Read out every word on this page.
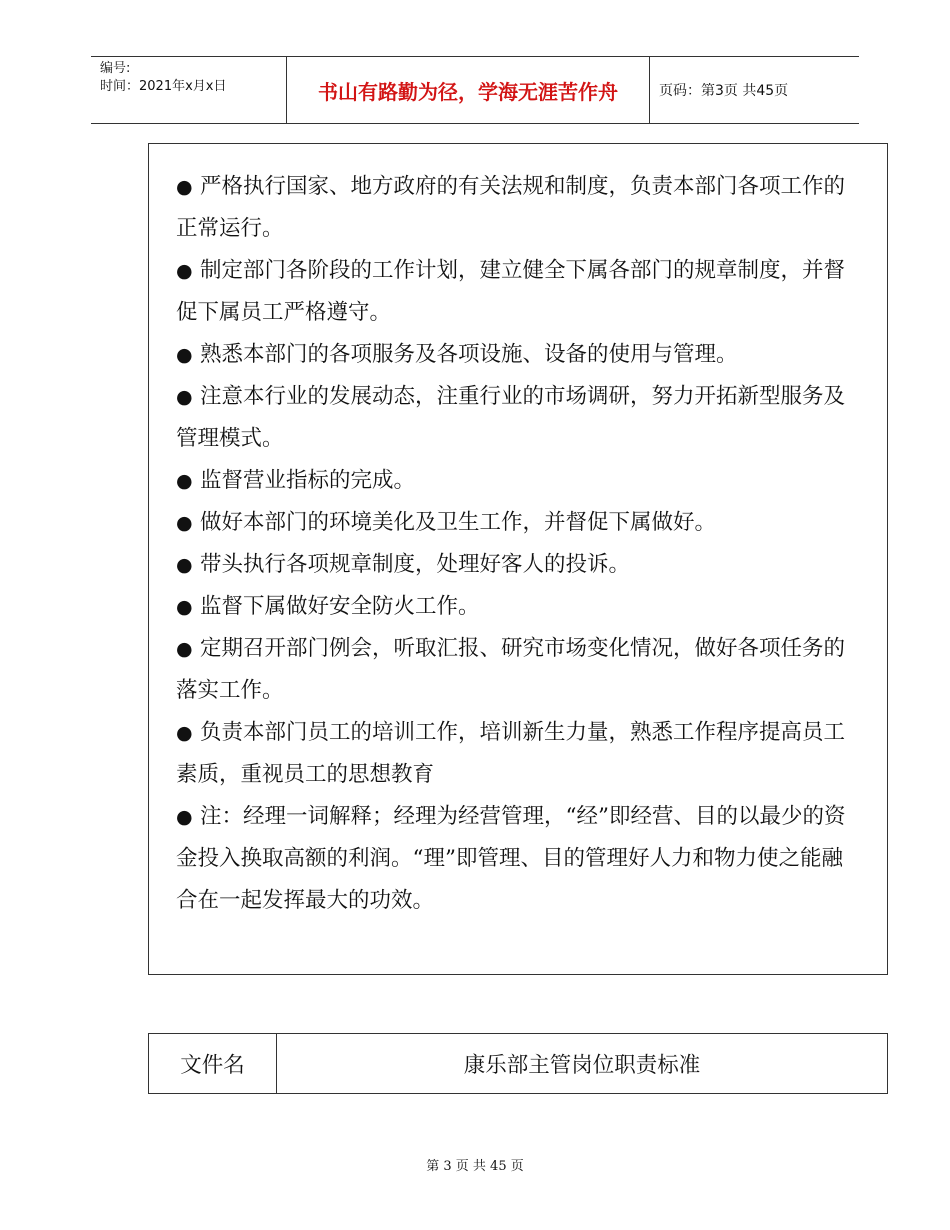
编号:
时间：2021年x月x日	书山有路勤为径，学海无涯苦作舟	页码：第3页 共45页
● 严格执行国家、地方政府的有关法规和制度，负责本部门各项工作的正常运行。
● 制定部门各阶段的工作计划，建立健全下属各部门的规章制度，并督促下属员工严格遵守。
● 熟悉本部门的各项服务及各项设施、设备的使用与管理。
● 注意本行业的发展动态，注重行业的市场调研，努力开拓新型服务及管理模式。
● 监督营业指标的完成。
● 做好本部门的环境美化及卫生工作，并督促下属做好。
● 带头执行各项规章制度，处理好客人的投诉。
● 监督下属做好安全防火工作。
● 定期召开部门例会，听取汇报、研究市场变化情况，做好各项任务的落实工作。
● 负责本部门员工的培训工作，培训新生力量，熟悉工作程序提高员工素质，重视员工的思想教育
● 注：经理一词解释；经理为经营管理，“经”即经营、目的以最少的资金投入换取高额的利润。“理”即管理、目的管理好人力和物力使之能融合在一起发挥最大的功效。
文件名	康乐部主管岗位职责标准
第 3 页 共 45 页
